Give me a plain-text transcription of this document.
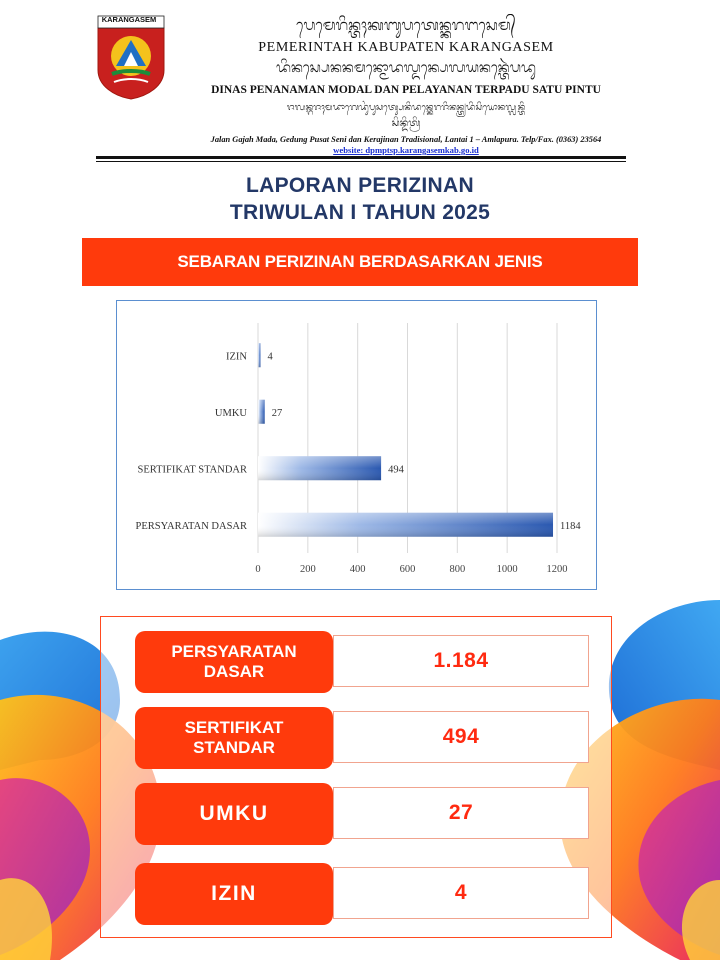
KARANGASEM	ᬧᬾᬫᬾᬭᬶᬦ᭄ᬢᬄᬓᬩᬸᬧᬢᬾᬦ᭄ᬓᬭᬗᬲᬾᬫ᭄
PEMERINTAH KABUPATEN KARANGASEM
ᬤᬶᬦᬲ᭄ᬧᬾᬦᬦᬫᬦ᭄ᬫᭀᬤᬮ᭄ᬤᬦ᭄ᬧᬾᬮᬬᬦᬦ᭄ᬢᬾᬃᬧᬤᬸ
DINAS PENANAMAN MODAL DAN PELAYANAN TERPADU SATU PINTU
ᬚᬮᬦ᭄ᬕᬚᬄᬫᬤᬵᬕᬾᬤᬸᬂᬧᬸᬲᬢ᭄ᬲᬾᬦᬶᬤᬦ᭄ᬓᬾᬭᬚᬶᬦᬦ᭄ᬢ᭄ᬭᬤᬶᬲᬶᬬᭀᬦᬮ᭄ᬮᬦ᭄ᬢᬶ
ᬲᬶᬦ᭄ᬤᬶᬢ᭄ᬭᬶ
Jalan Gajah Mada, Gedung Pusat Seni dan Kerajinan Tradisional, Lantai 1 – Amlapura. Telp/Fax. (0363) 23564
website: dpmptsp.karangasemkab.go.id
LAPORAN PERIZINAN
TRIWULAN I TAHUN 2025
SEBARAN PERIZINAN BERDASARKAN JENIS
0	200	400	600	800	1000	1200
IZIN 4
UMKU 27
SERTIFIKAT STANDAR	494
PERSYARATAN DASAR	1184
PERSYARATAN
DASAR	1.184
SERTIFIKAT
STANDAR	494
UMKU	27
IZIN	4
